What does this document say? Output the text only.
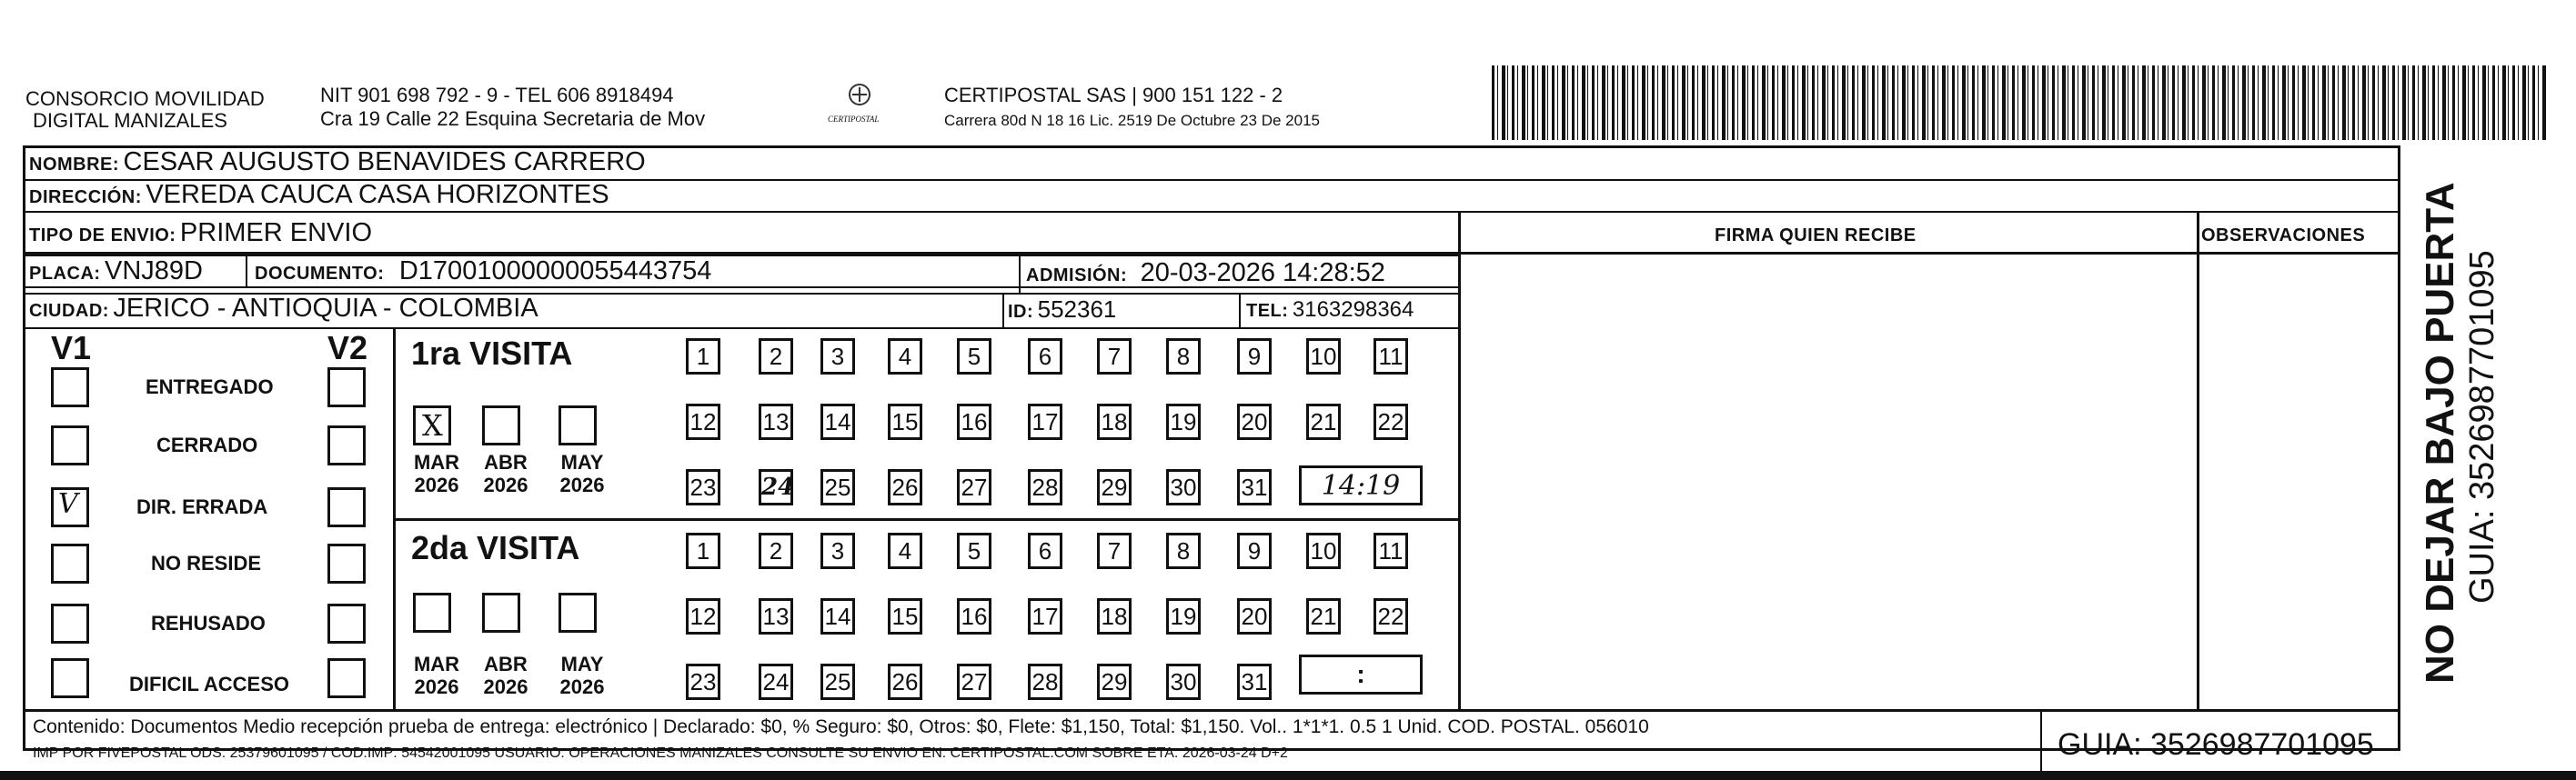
CONSORCIO MOVILIDAD
DIGITAL MANIZALES
NIT 901 698 792 - 9 - TEL 606 8918494
Cra 19 Calle 22 Esquina Secretaria de Mov	CERTIPOSTAL
CERTIPOSTAL SAS | 900 151 122 - 2
Carrera 80d N 18 16 Lic. 2519 De Octubre 23 De 2015
NOMBRE: CESAR AUGUSTO BENAVIDES CARRERO
DIRECCIÓN: VEREDA CAUCA CASA HORIZONTES
TIPO DE ENVIO: PRIMER ENVIO	FIRMA QUIEN RECIBE	OBSERVACIONES
PLACA: VNJ89D	DOCUMENTO: D17001000000055443754	ADMISIÓN: 20-03-2026 14:28:52
CIUDAD: JERICO - ANTIOQUIA - COLOMBIA	ID: 552361	TEL: 3163298364
V1	V2
ENTREGADO
CERRADO
V	DIR. ERRADA
NO RESIDE
REHUSADO
DIFICIL ACCESO
1ra VISITA
X
MAR
2026
ABR
2026
MAY
2026
1	2	3	4	5	6	7	8	9	10 11
12 13 14 15 16 17 18 19 20 21 22
23 24 25 26 27 28 29 30 31	14:19
2da VISITA
MAR
2026
ABR
2026
MAY
2026
1	2	3	4	5	6	7	8	9	10 11
12 13 14 15 16 17 18 19 20 21 22
23 24 25 26 27 28 29 30 31	:
Contenido: Documentos Medio recepción prueba de entrega: electrónico | Declarado: $0, % Seguro: $0, Otros: $0, Flete: $1,150, Total: $1,150. Vol.. 1*1*1. 0.5 1 Unid. COD. POSTAL. 056010
IMP POR FIVEPOSTAL ODS: 25379601095 / COD.IMP: 54542001095 USUARIO: OPERACIONES MANIZALES CONSULTE SU ENVIO EN: CERTIPOSTAL.COM SOBRE ETA: 2026-03-24 D+2	GUIA: 3526987701095
NO DEJAR BAJO PUERTA GUIA: 3526987701095
